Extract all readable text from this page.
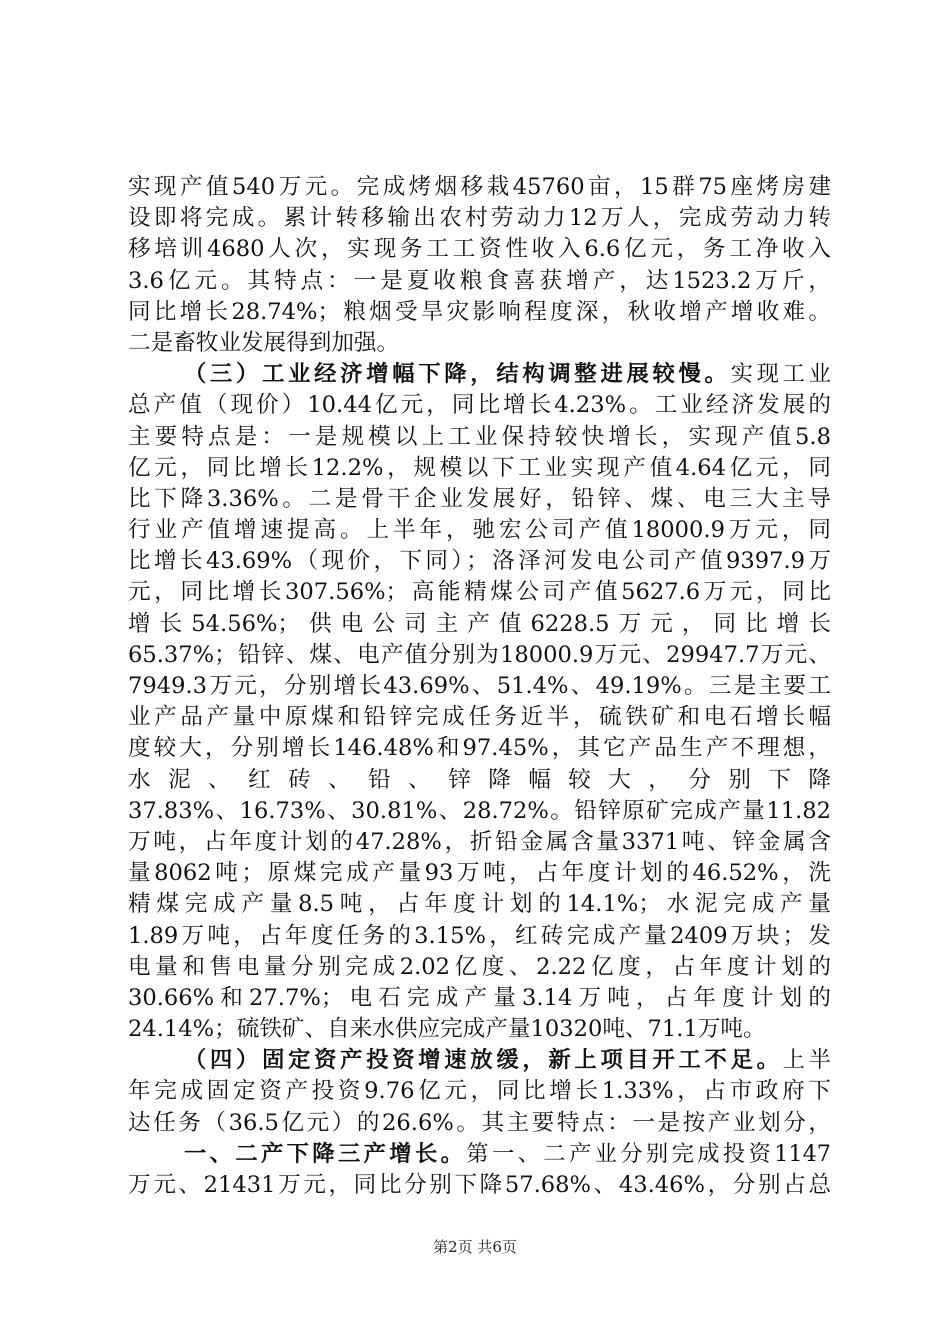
实现产值540万元。完成烤烟移栽45760亩，15群75座烤房建
设即将完成。累计转移输出农村劳动力12万人，完成劳动力转
移培训4680人次，实现务工工资性收入6.6亿元，务工净收入
3.6亿元。其特点：一是夏收粮食喜获增产，达1523.2万斤，
同比增长28.74%；粮烟受旱灾影响程度深，秋收增产增收难。
二是畜牧业发展得到加强。
（三）工业经济增幅下降，结构调整进展较慢。实现工业
总产值（现价）10.44亿元，同比增长4.23%。工业经济发展的
主要特点是：一是规模以上工业保持较快增长，实现产值5.8
亿元，同比增长12.2%，规模以下工业实现产值4.64亿元，同
比下降3.36%。二是骨干企业发展好，铅锌、煤、电三大主导
行业产值增速提高。上半年，驰宏公司产值18000.9万元，同
比增长43.69%（现价，下同）；洛泽河发电公司产值9397.9万
元，同比增长307.56%；高能精煤公司产值5627.6万元，同比
增长54.56%；供电公司主产值6228.5万元，同比增长
65.37%；铅锌、煤、电产值分别为18000.9万元、29947.7万元、
7949.3万元，分别增长43.69%、51.4%、49.19%。三是主要工
业产品产量中原煤和铅锌完成任务近半，硫铁矿和电石增长幅
度较大，分别增长146.48%和97.45%，其它产品生产不理想，
水泥、红砖、铅、锌降幅较大，分别下降
37.83%、16.73%、30.81%、28.72%。铅锌原矿完成产量11.82
万吨，占年度计划的47.28%，折铅金属含量3371吨、锌金属含
量8062吨；原煤完成产量93万吨，占年度计划的46.52%，洗
精煤完成产量8.5吨，占年度计划的14.1%；水泥完成产量
1.89万吨，占年度任务的3.15%，红砖完成产量2409万块；发
电量和售电量分别完成2.02亿度、2.22亿度，占年度计划的
30.66%和27.7%；电石完成产量3.14万吨，占年度计划的
24.14%；硫铁矿、自来水供应完成产量10320吨、71.1万吨。
（四）固定资产投资增速放缓，新上项目开工不足。上半
年完成固定资产投资9.76亿元，同比增长1.33%，占市政府下
达任务（36.5亿元）的26.6%。其主要特点：一是按产业划分，
一、二产下降三产增长。第一、二产业分别完成投资1147
万元、21431万元，同比分别下降57.68%、43.46%，分别占总
第2页 共6页
